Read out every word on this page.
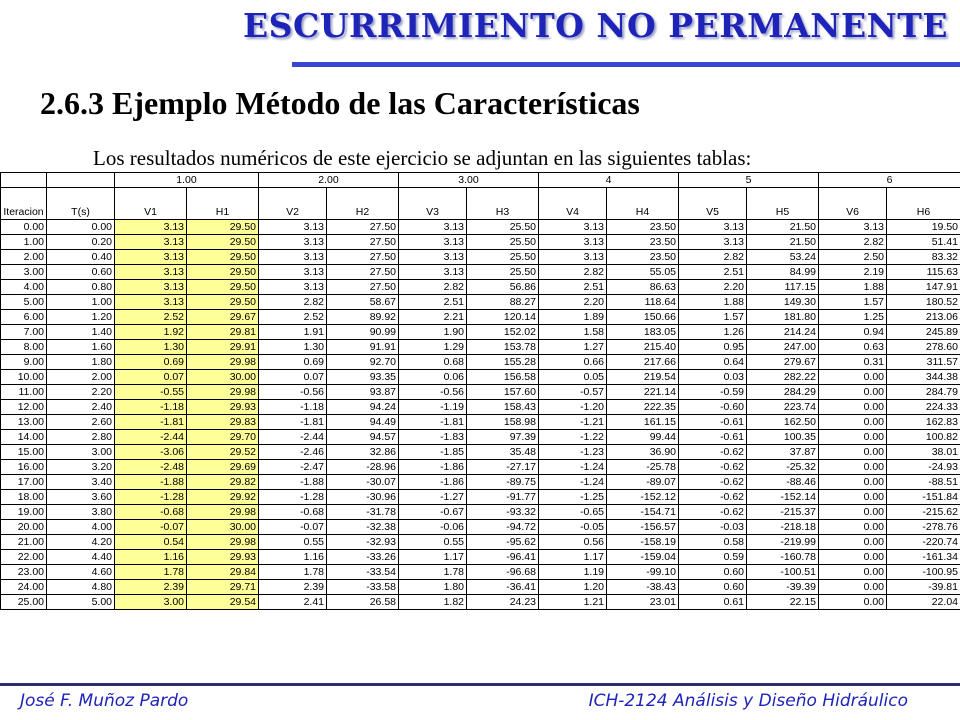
ESCURRIMIENTO NO PERMANENTE
2.6.3 Ejemplo Método de las Características
Los resultados numéricos de este ejercicio se adjuntan en las siguientes tablas:
		1.00		2.00		3.00		4		5		6	
Iteracion	T(s)	V1	H1	V2	H2	V3	H3	V4	H4	V5	H5	V6	H6
0.00	0.00	3.13	29.50	3.13	27.50	3.13	25.50	3.13	23.50	3.13	21.50	3.13	19.50
1.00	0.20	3.13	29.50	3.13	27.50	3.13	25.50	3.13	23.50	3.13	21.50	2.82	51.41
2.00	0.40	3.13	29.50	3.13	27.50	3.13	25.50	3.13	23.50	2.82	53.24	2.50	83.32
3.00	0.60	3.13	29.50	3.13	27.50	3.13	25.50	2.82	55.05	2.51	84.99	2.19	115.63
4.00	0.80	3.13	29.50	3.13	27.50	2.82	56.86	2.51	86.63	2.20	117.15	1.88	147.91
5.00	1.00	3.13	29.50	2.82	58.67	2.51	88.27	2.20	118.64	1.88	149.30	1.57	180.52
6.00	1.20	2.52	29.67	2.52	89.92	2.21	120.14	1.89	150.66	1.57	181.80	1.25	213.06
7.00	1.40	1.92	29.81	1.91	90.99	1.90	152.02	1.58	183.05	1.26	214.24	0.94	245.89
8.00	1.60	1.30	29.91	1.30	91.91	1.29	153.78	1.27	215.40	0.95	247.00	0.63	278.60
9.00	1.80	0.69	29.98	0.69	92.70	0.68	155.28	0.66	217.66	0.64	279.67	0.31	311.57
10.00	2.00	0.07	30.00	0.07	93.35	0.06	156.58	0.05	219.54	0.03	282.22	0.00	344.38
11.00	2.20	-0.55	29.98	-0.56	93.87	-0.56	157.60	-0.57	221.14	-0.59	284.29	0.00	284.79
12.00	2.40	-1.18	29.93	-1.18	94.24	-1.19	158.43	-1.20	222.35	-0.60	223.74	0.00	224.33
13.00	2.60	-1.81	29.83	-1.81	94.49	-1.81	158.98	-1.21	161.15	-0.61	162.50	0.00	162.83
14.00	2.80	-2.44	29.70	-2.44	94.57	-1.83	97.39	-1.22	99.44	-0.61	100.35	0.00	100.82
15.00	3.00	-3.06	29.52	-2.46	32.86	-1.85	35.48	-1.23	36.90	-0.62	37.87	0.00	38.01
16.00	3.20	-2.48	29.69	-2.47	-28.96	-1.86	-27.17	-1.24	-25.78	-0.62	-25.32	0.00	-24.93
17.00	3.40	-1.88	29.82	-1.88	-30.07	-1.86	-89.75	-1.24	-89.07	-0.62	-88.46	0.00	-88.51
18.00	3.60	-1.28	29.92	-1.28	-30.96	-1.27	-91.77	-1.25	-152.12	-0.62	-152.14	0.00	-151.84
19.00	3.80	-0.68	29.98	-0.68	-31.78	-0.67	-93.32	-0.65	-154.71	-0.62	-215.37	0.00	-215.62
20.00	4.00	-0.07	30.00	-0.07	-32.38	-0.06	-94.72	-0.05	-156.57	-0.03	-218.18	0.00	-278.76
21.00	4.20	0.54	29.98	0.55	-32.93	0.55	-95.62	0.56	-158.19	0.58	-219.99	0.00	-220.74
22.00	4.40	1.16	29.93	1.16	-33.26	1.17	-96.41	1.17	-159.04	0.59	-160.78	0.00	-161.34
23.00	4.60	1.78	29.84	1.78	-33.54	1.78	-96.68	1.19	-99.10	0.60	-100.51	0.00	-100.95
24.00	4.80	2.39	29.71	2.39	-33.58	1.80	-36.41	1.20	-38.43	0.60	-39.39	0.00	-39.81
25.00	5.00	3.00	29.54	2.41	26.58	1.82	24.23	1.21	23.01	0.61	22.15	0.00	22.04
José F. Muñoz Pardo	ICH-2124 Análisis y Diseño Hidráulico
